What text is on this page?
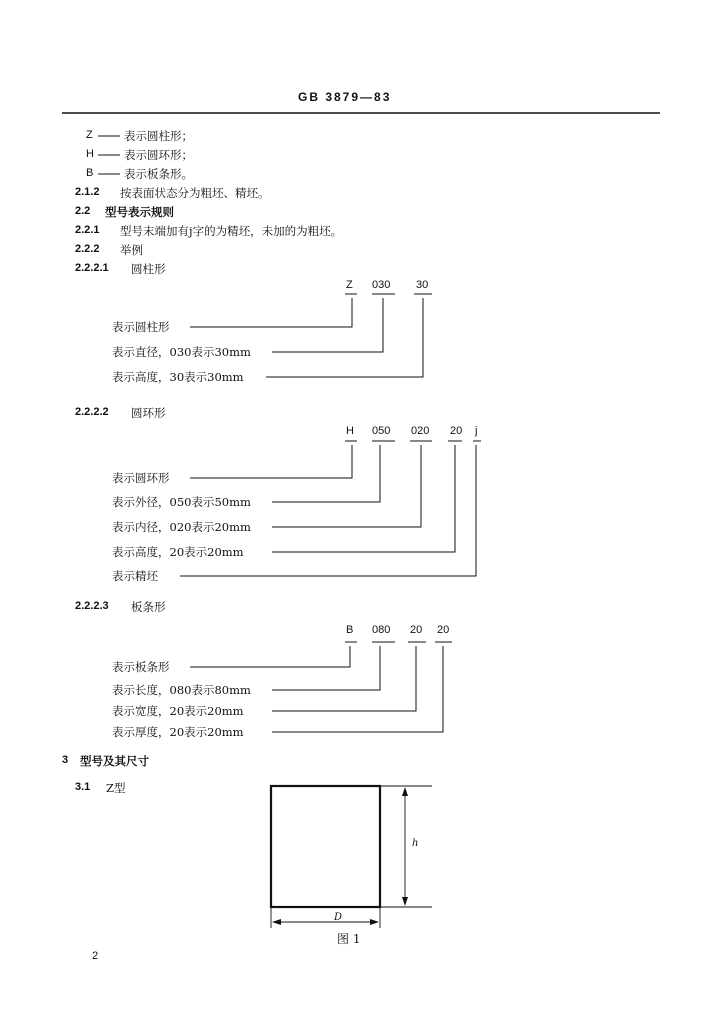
GB 3879—83
Z	表示圆柱形；
H	表示圆环形；
B	表示板条形。
2.1.2 按表面状态分为粗坯、精坯。
2.2 型号表示规则
2.2.1 型号末端加有j字的为精坯，未加的为粗坯。
2.2.2 举例
2.2.2.1 圆柱形
Z 030 30
表示圆柱形
表示直径，030表示30mm
表示高度，30表示30mm
2.2.2.2 圆环形
H 050 020 20 j
表示圆环形
表示外径，050表示50mm
表示内径，020表示20mm
表示高度，20表示20mm
表示精坯
2.2.2.3 板条形
B 080 20 20
表示板条形
表示长度，080表示80mm
表示宽度，20表示20mm
表示厚度，20表示20mm
3 型号及其尺寸
3.1 Z型
D
h
图 1
2
